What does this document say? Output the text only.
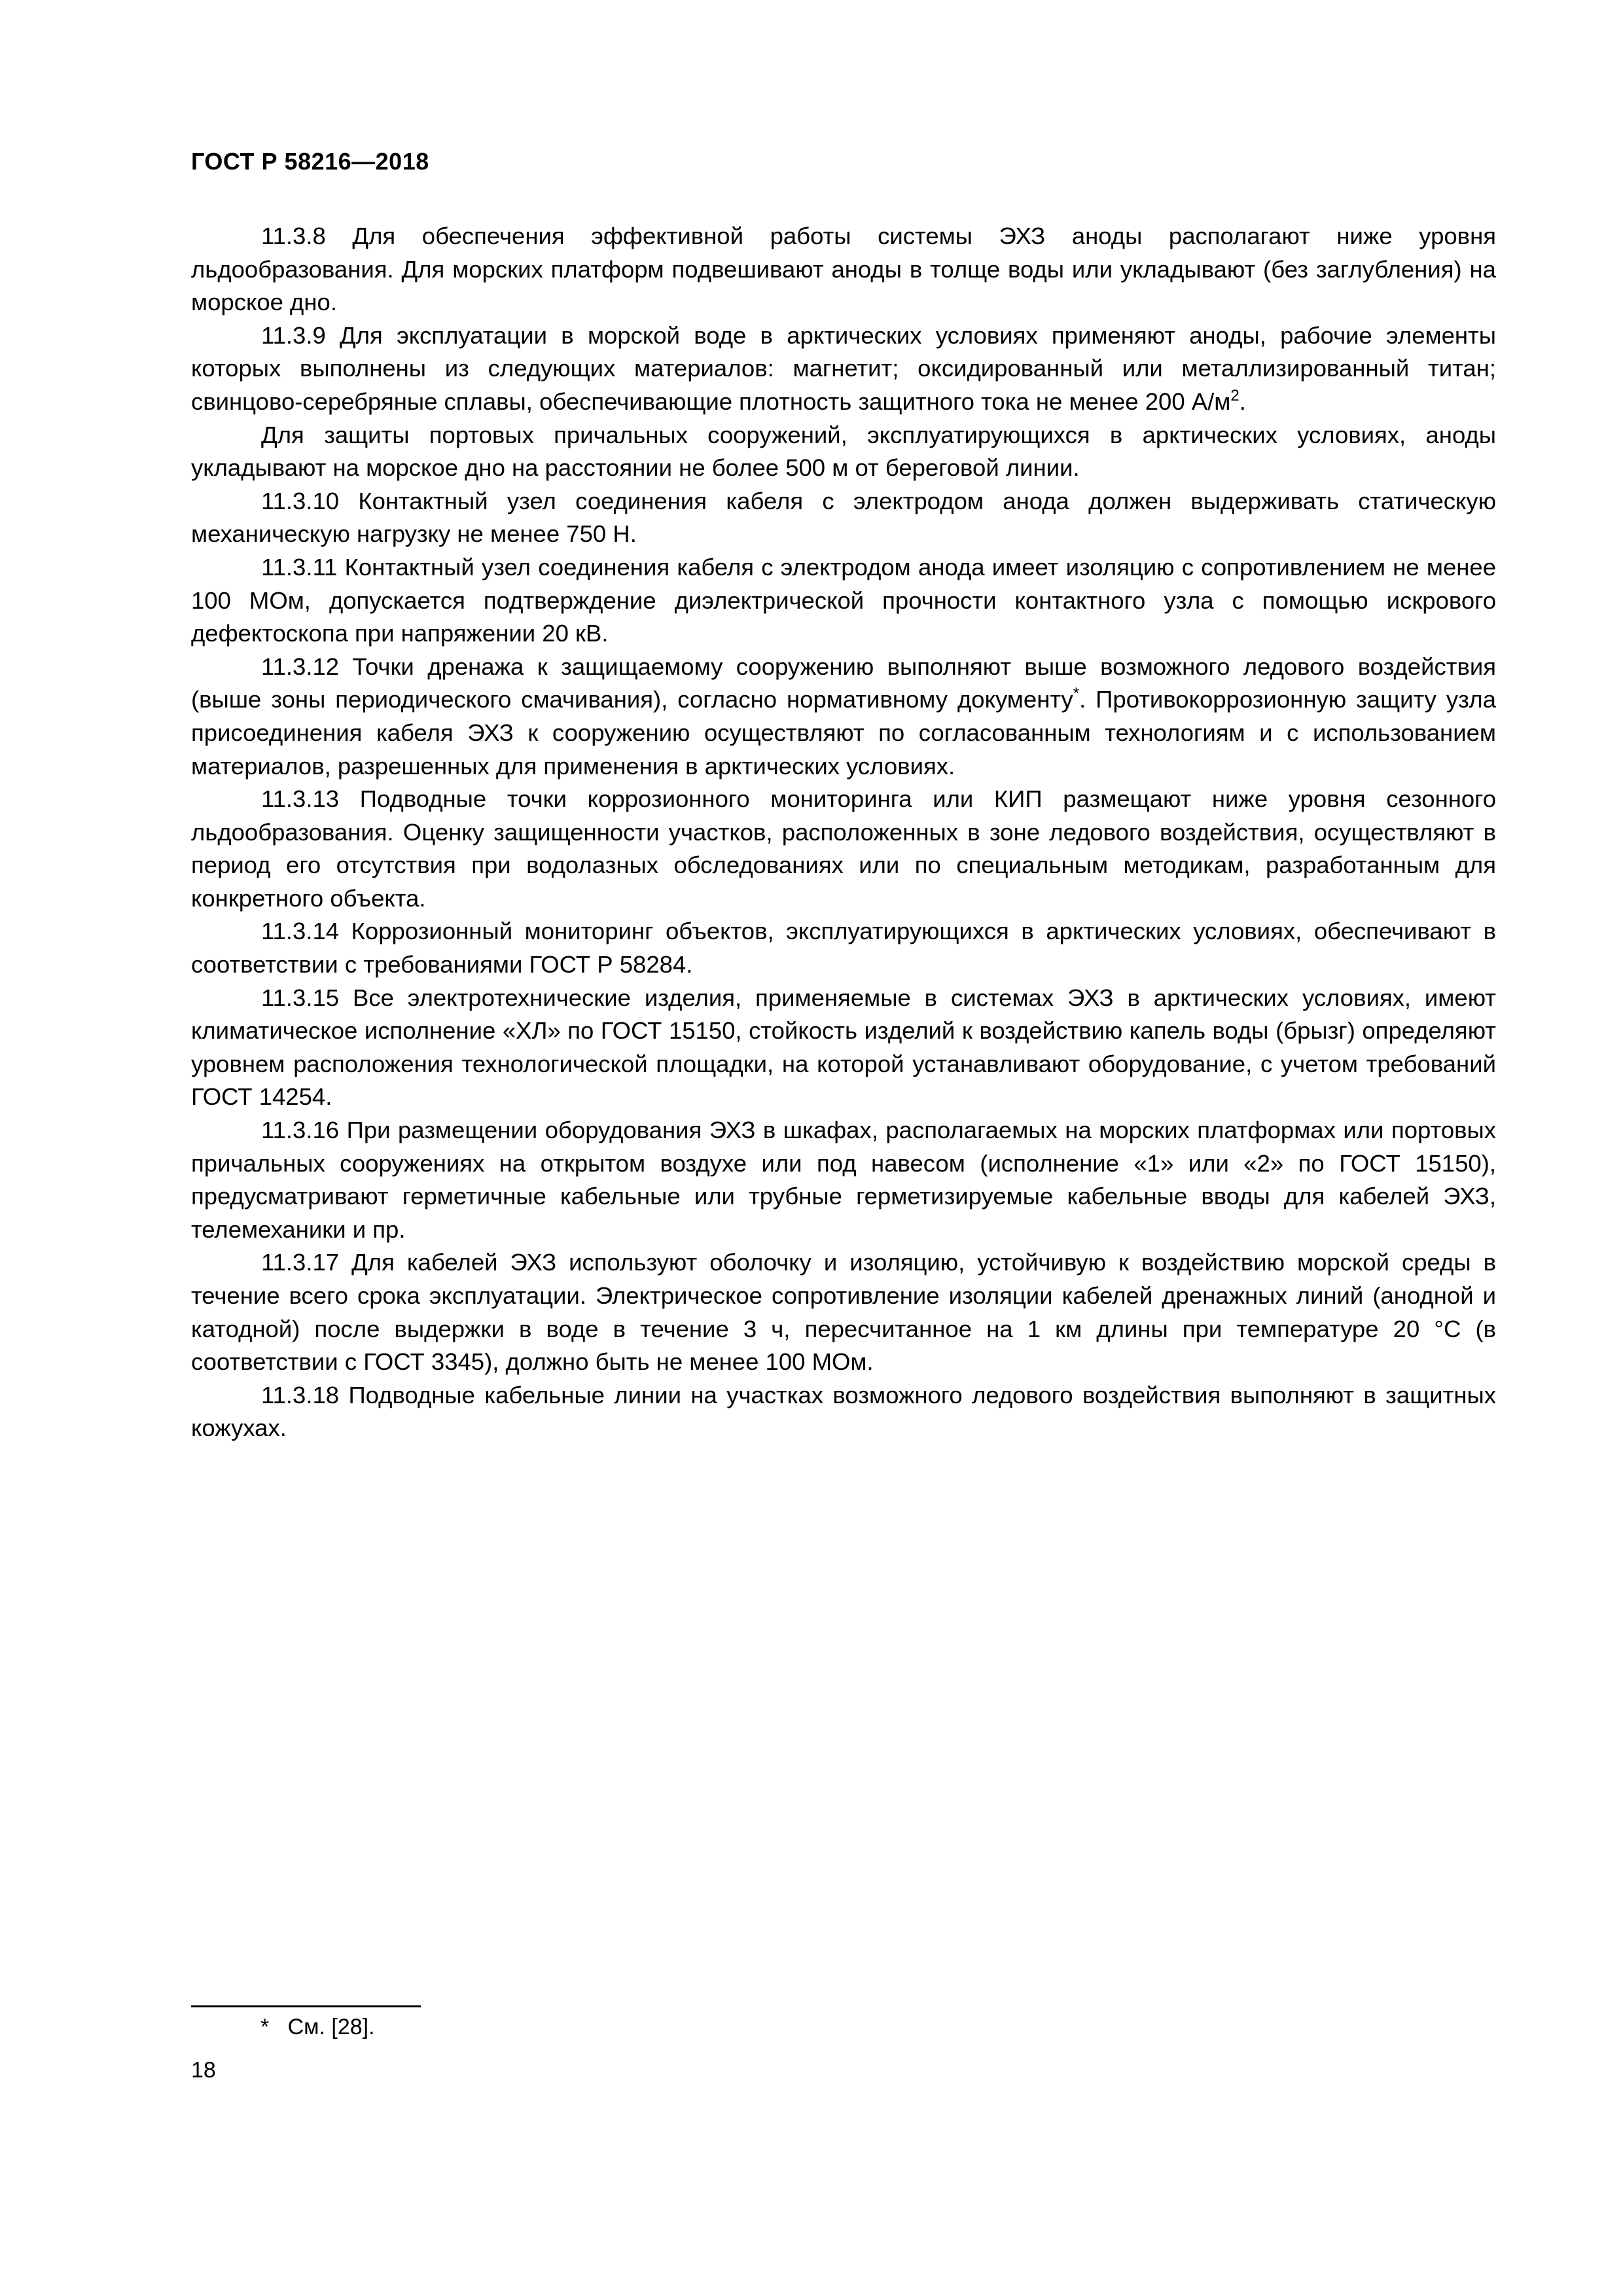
ГОСТ Р 58216—2018

11.3.8 Для обеспечения эффективной работы системы ЭХЗ аноды располагают ниже уровня льдообразования. Для морских платформ подвешивают аноды в толще воды или укладывают (без заглубления) на морское дно.

11.3.9 Для эксплуатации в морской воде в арктических условиях применяют аноды, рабочие элементы которых выполнены из следующих материалов: магнетит; оксидированный или металлизированный титан; свинцово-серебряные сплавы, обеспечивающие плотность защитного тока не менее 200 $А/м^2$.

Для защиты портовых причальных сооружений, эксплуатирующихся в арктических условиях, аноды укладывают на морское дно на расстоянии не более 500 м от береговой линии.

11.3.10 Контактный узел соединения кабеля с электродом анода должен выдерживать статическую механическую нагрузку не менее 750 Н.

11.3.11 Контактный узел соединения кабеля с электродом анода имеет изоляцию с сопротивлением не менее 100 МОм, допускается подтверждение диэлектрической прочности контактного узла с помощью искрового дефектоскопа при напряжении 20 кВ.

11.3.12 Точки дренажа к защищаемому сооружению выполняют выше возможного ледового воздействия (выше зоны периодического смачивания), согласно нормативному документу*. Противокоррозионную защиту узла присоединения кабеля ЭХЗ к сооружению осуществляют по согласованным технологиям и с использованием материалов, разрешенных для применения в арктических условиях.

11.3.13 Подводные точки коррозионного мониторинга или КИП размещают ниже уровня сезонного льдообразования. Оценку защищенности участков, расположенных в зоне ледового воздействия, осуществляют в период его отсутствия при водолазных обследованиях или по специальным методикам, разработанным для конкретного объекта.

11.3.14 Коррозионный мониторинг объектов, эксплуатирующихся в арктических условиях, обеспечивают в соответствии с требованиями ГОСТ Р 58284.

11.3.15 Все электротехнические изделия, применяемые в системах ЭХЗ в арктических условиях, имеют климатическое исполнение «ХЛ» по ГОСТ 15150, стойкость изделий к воздействию капель воды (брызг) определяют уровнем расположения технологической площадки, на которой устанавливают оборудование, с учетом требований ГОСТ 14254.

11.3.16 При размещении оборудования ЭХЗ в шкафах, располагаемых на морских платформах или портовых причальных сооружениях на открытом воздухе или под навесом (исполнение «1» или «2» по ГОСТ 15150), предусматривают герметичные кабельные или трубные герметизируемые кабельные вводы для кабелей ЭХЗ, телемеханики и пр.

11.3.17 Для кабелей ЭХЗ используют оболочку и изоляцию, устойчивую к воздействию морской среды в течение всего срока эксплуатации. Электрическое сопротивление изоляции кабелей дренажных линий (анодной и катодной) после выдержки в воде в течение 3 ч, пересчитанное на 1 км длины при температуре 20 °С (в соответствии с ГОСТ 3345), должно быть не менее 100 МОм.

11.3.18 Подводные кабельные линии на участках возможного ледового воздействия выполняют в защитных кожухах.

* См. [28].
18
